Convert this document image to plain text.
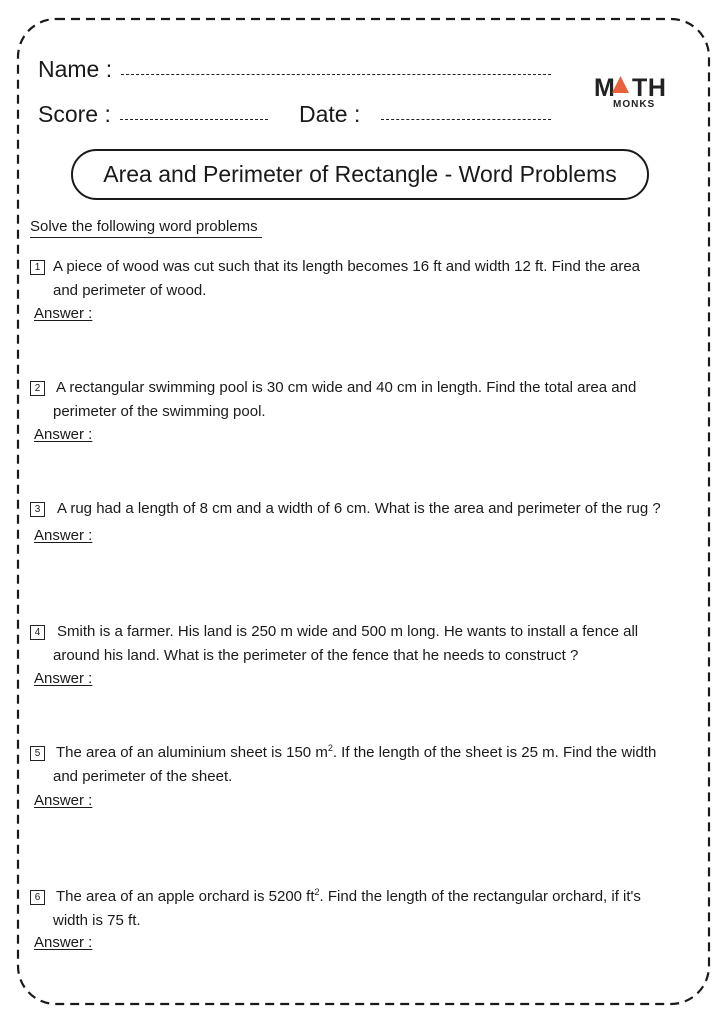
Name :
Score :	Date :
M TH
MONKS
Area and Perimeter of Rectangle - Word Problems
Solve the following word problems
1 A piece of wood was cut such that its length becomes 16 ft and width 12 ft. Find the area
and perimeter of wood.
Answer :
2	A rectangular swimming pool is 30 cm wide and 40 cm in length. Find the total area and
perimeter of the swimming pool.
Answer :
3	A rug had a length of 8 cm and a width of 6 cm. What is the area and perimeter of the rug ?
Answer :
4	Smith is a farmer. His land is 250 m wide and 500 m long. He wants to install a fence all
around his land. What is the perimeter of the fence that he needs to construct ?
Answer :
5	The area of an aluminium sheet is 150 $m^2$. If the length of the sheet is 25 m. Find the width
and perimeter of the sheet.
Answer :
6	The area of an apple orchard is 5200 $ft^2$. Find the length of the rectangular orchard, if it's
width is 75 ft.
Answer :
